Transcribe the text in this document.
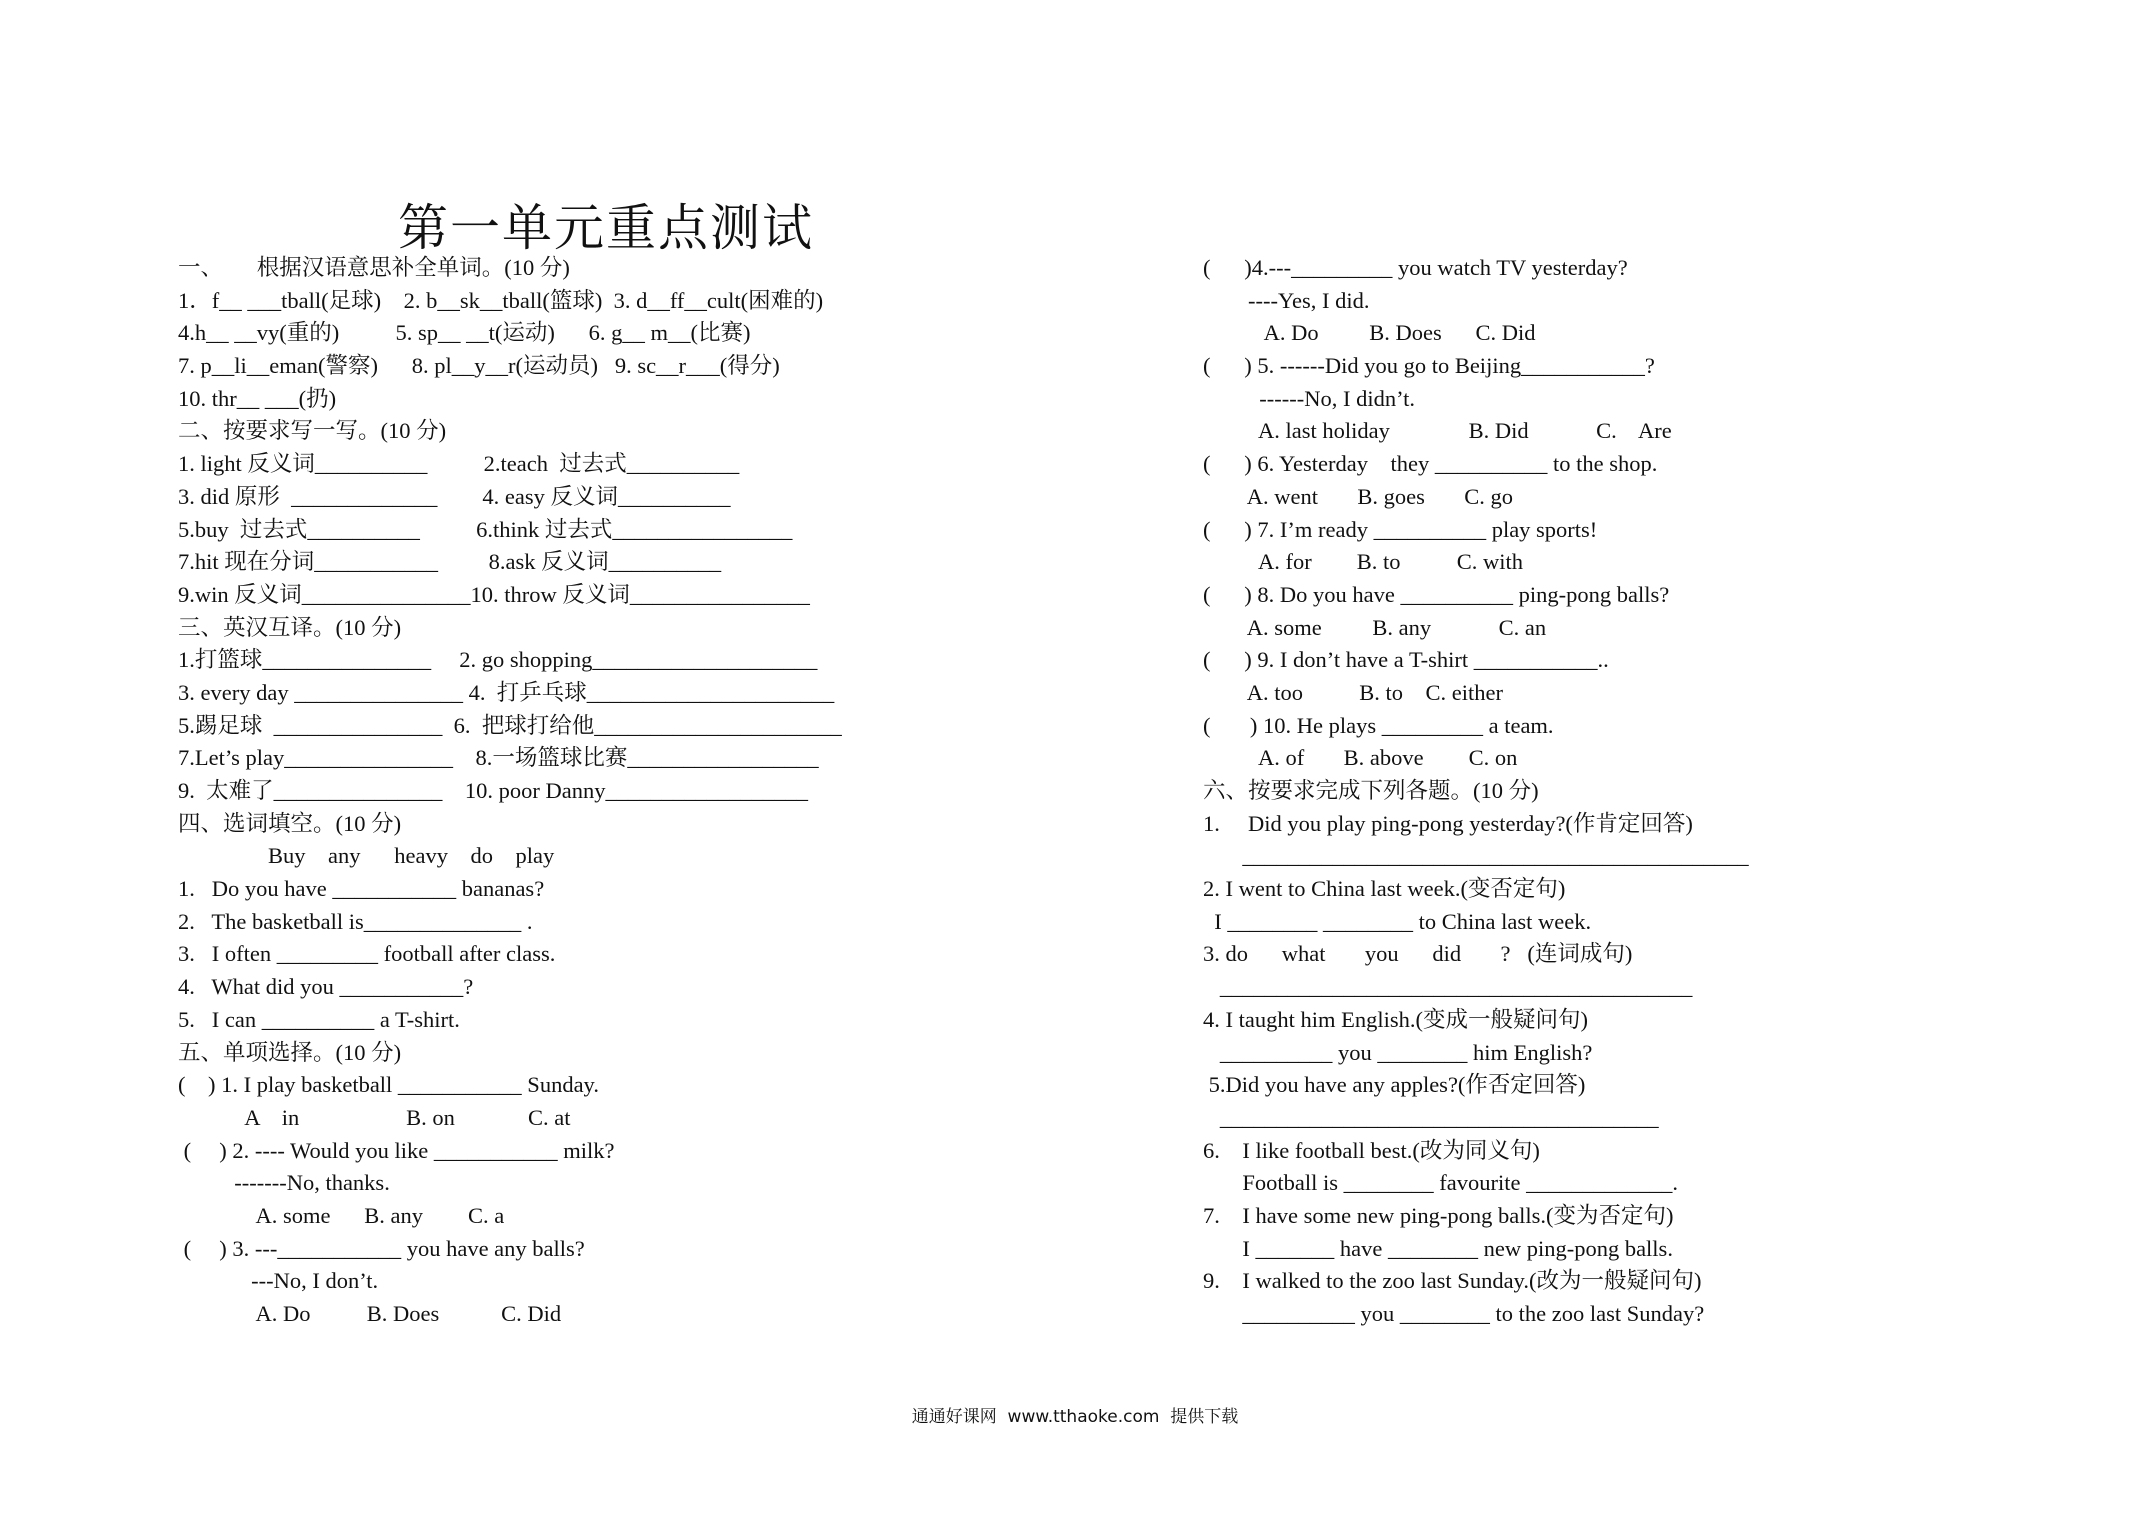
第一单元重点测试
一、      根据汉语意思补全单词。(10 分)
1．f__ ___tball(足球)    2. b__sk__tball(篮球)  3. d__ff__cult(困难的)
4.h__ __vy(重的)          5. sp__ __t(运动)      6. g__ m__(比赛)
7. p__li__eman(警察)      8. pl__y__r(运动员)   9. sc__r___(得分)
10. thr__ ___(扔)
二、按要求写一写。(10 分)
1. light 反义词__________          2.teach  过去式__________
3. did 原形  _____________        4. easy 反义词__________
5.buy  过去式__________          6.think 过去式________________
7.hit 现在分词___________         8.ask 反义词__________
9.win 反义词_______________10. throw 反义词________________
三、英汉互译。(10 分)
1.打篮球_______________     2. go shopping____________________
3. every day _______________ 4.  打乒乓球______________________
5.踢足球  _______________  6.  把球打给他______________________
7.Let’s play_______________    8.一场篮球比赛_________________
9.  太难了_______________    10. poor Danny__________________
四、选词填空。(10 分)
Buy    any      heavy    do    play
1.   Do you have ___________ bananas?
2.   The basketball is______________ .
3.   I often _________ football after class.
4.   What did you ___________?
5.   I can __________ a T-shirt.
五、单项选择。(10 分)
(    ) 1. I play basketball ___________ Sunday.
A    in                   B. on             C. at
(     ) 2. ---- Would you like ___________ milk?
-------No, thanks.
A. some      B. any        C. a
(     ) 3. ---___________ you have any balls?
---No, I don’t.
A. Do          B. Does           C. Did
(      )4.---_________ you watch TV yesterday?
----Yes, I did.
A. Do         B. Does      C. Did
(      ) 5. ------Did you go to Beijing___________?
------No, I didn’t.
A. last holiday              B. Did            C.    Are
(      ) 6. Yesterday    they __________ to the shop.
A. went       B. goes       C. go
(      ) 7. I’m ready __________ play sports!
A. for        B. to          C. with
(      ) 8. Do you have __________ ping-pong balls?
A. some         B. any            C. an
(      ) 9. I don’t have a T-shirt ___________..
A. too          B. to    C. either
(       ) 10. He plays _________ a team.
A. of       B. above        C. on
六、按要求完成下列各题。(10 分)
1.     Did you play ping-pong yesterday?(作肯定回答)
_____________________________________________
2. I went to China last week.(变否定句)
I ________ ________ to China last week.
3. do      what       you      did       ?   (连词成句)
__________________________________________
4. I taught him English.(变成一般疑问句)
__________ you ________ him English?
5.Did you have any apples?(作否定回答)
_______________________________________
6.    I like football best.(改为同义句)
Football is ________ favourite _____________.
7.    I have some new ping-pong balls.(变为否定句)
I _______ have ________ new ping-pong balls.
9.    I walked to the zoo last Sunday.(改为一般疑问句)
__________ you ________ to the zoo last Sunday?
通通好课网  www.tthaoke.com  提供下载
